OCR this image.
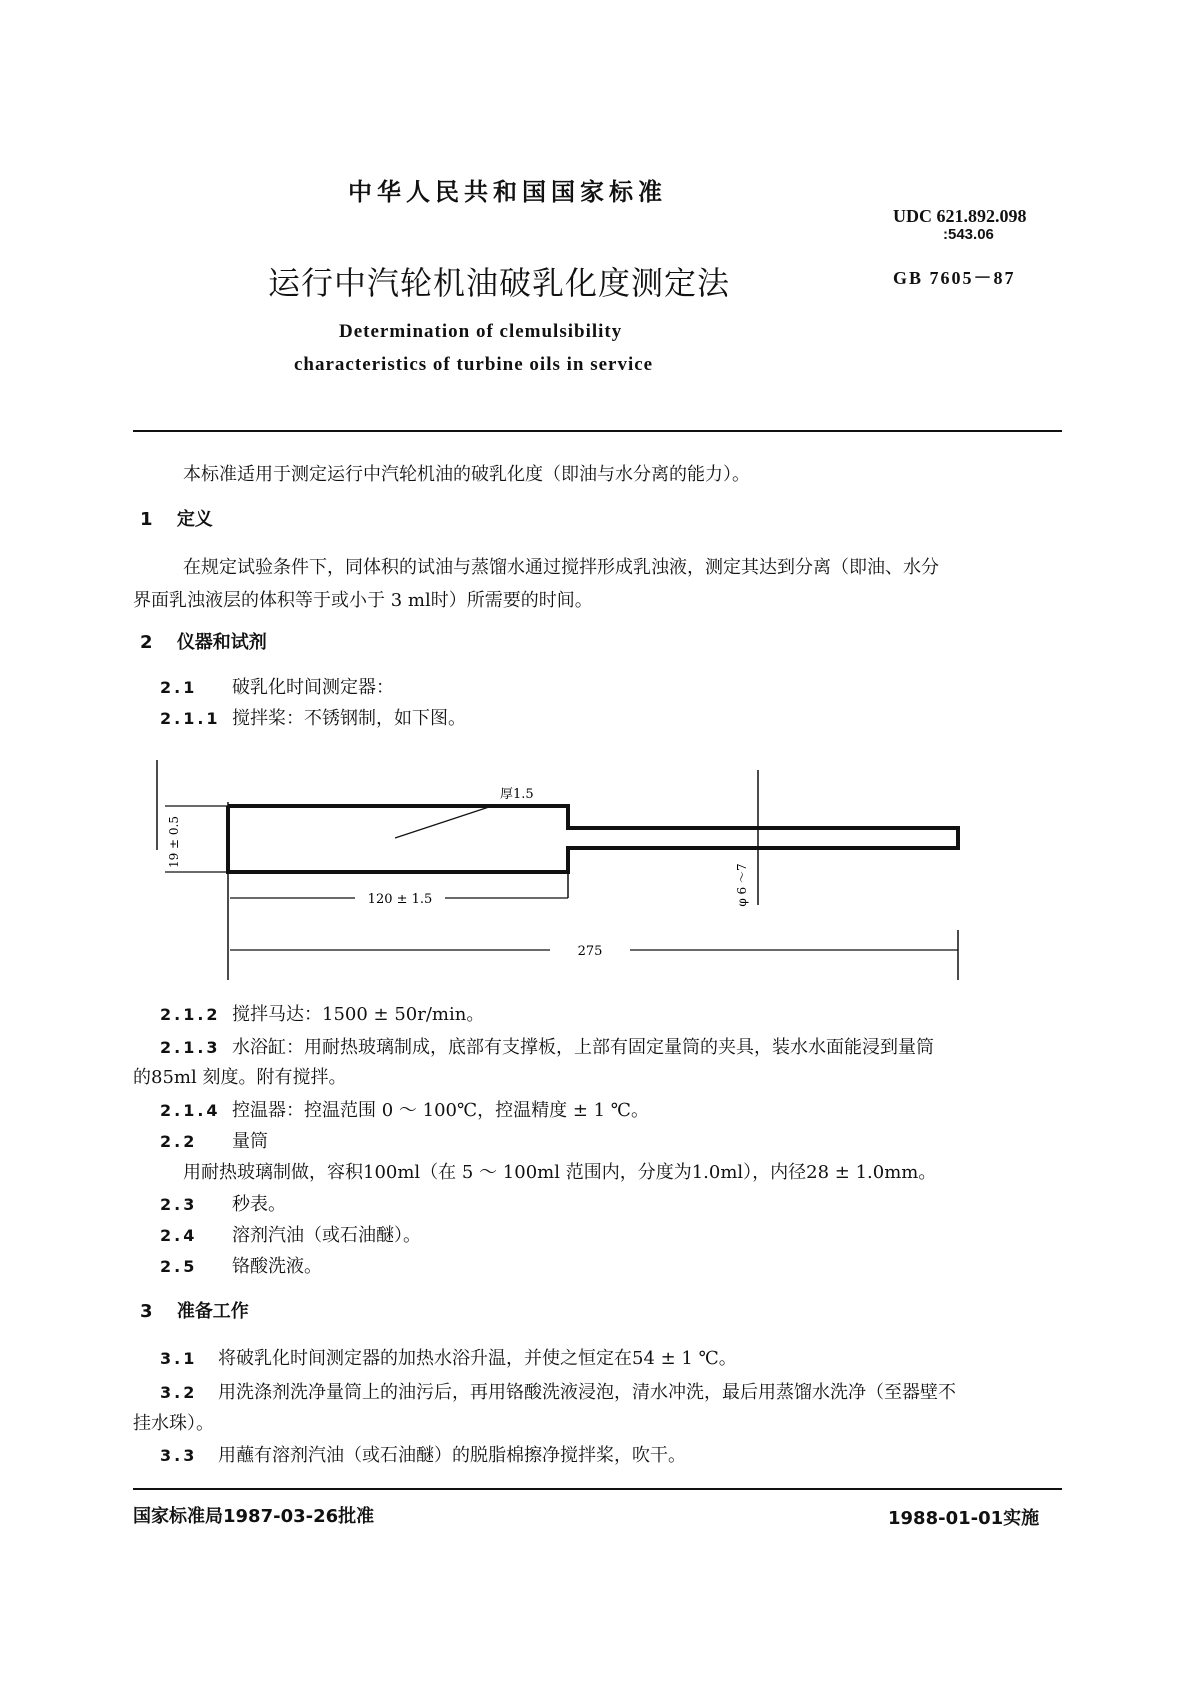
中华人民共和国国家标准
UDC 621.892.098
:543.06
运行中汽轮机油破乳化度测定法	GB 7605－87
Determination of clemulsibility
characteristics of turbine oils in service
本标准适用于测定运行中汽轮机油的破乳化度（即油与水分离的能力）。
1 定义
在规定试验条件下，同体积的试油与蒸馏水通过搅拌形成乳浊液，测定其达到分离（即油、水分
界面乳浊液层的体积等于或小于 3 ml时）所需要的时间。
2 仪器和试剂
2.1 破乳化时间测定器：
2.1.1 搅拌桨：不锈钢制，如下图。
19 ± 0.5
厚1.5
φ 6 ～7
120 ± 1.5
275
2.1.2 搅拌马达：1500 ± 50r/min。
2.1.3 水浴缸：用耐热玻璃制成，底部有支撑板，上部有固定量筒的夹具，装水水面能浸到量筒
的85ml 刻度。附有搅拌。
2.1.4 控温器：控温范围 0 ～ 100℃，控温精度 ± 1 ℃。
2.2 量筒
用耐热玻璃制做，容积100ml（在 5 ～ 100ml 范围内，分度为1.0ml），内径28 ± 1.0mm。
2.3 秒表。
2.4 溶剂汽油（或石油醚）。
2.5 铬酸洗液。
3 准备工作
3.1 将破乳化时间测定器的加热水浴升温，并使之恒定在54 ± 1 ℃。
3.2 用洗涤剂洗净量筒上的油污后，再用铬酸洗液浸泡，清水冲洗，最后用蒸馏水洗净（至器壁不
挂水珠）。
3.3 用蘸有溶剂汽油（或石油醚）的脱脂棉擦净搅拌桨，吹干。
国家标准局1987-03-26批准	1988-01-01实施
